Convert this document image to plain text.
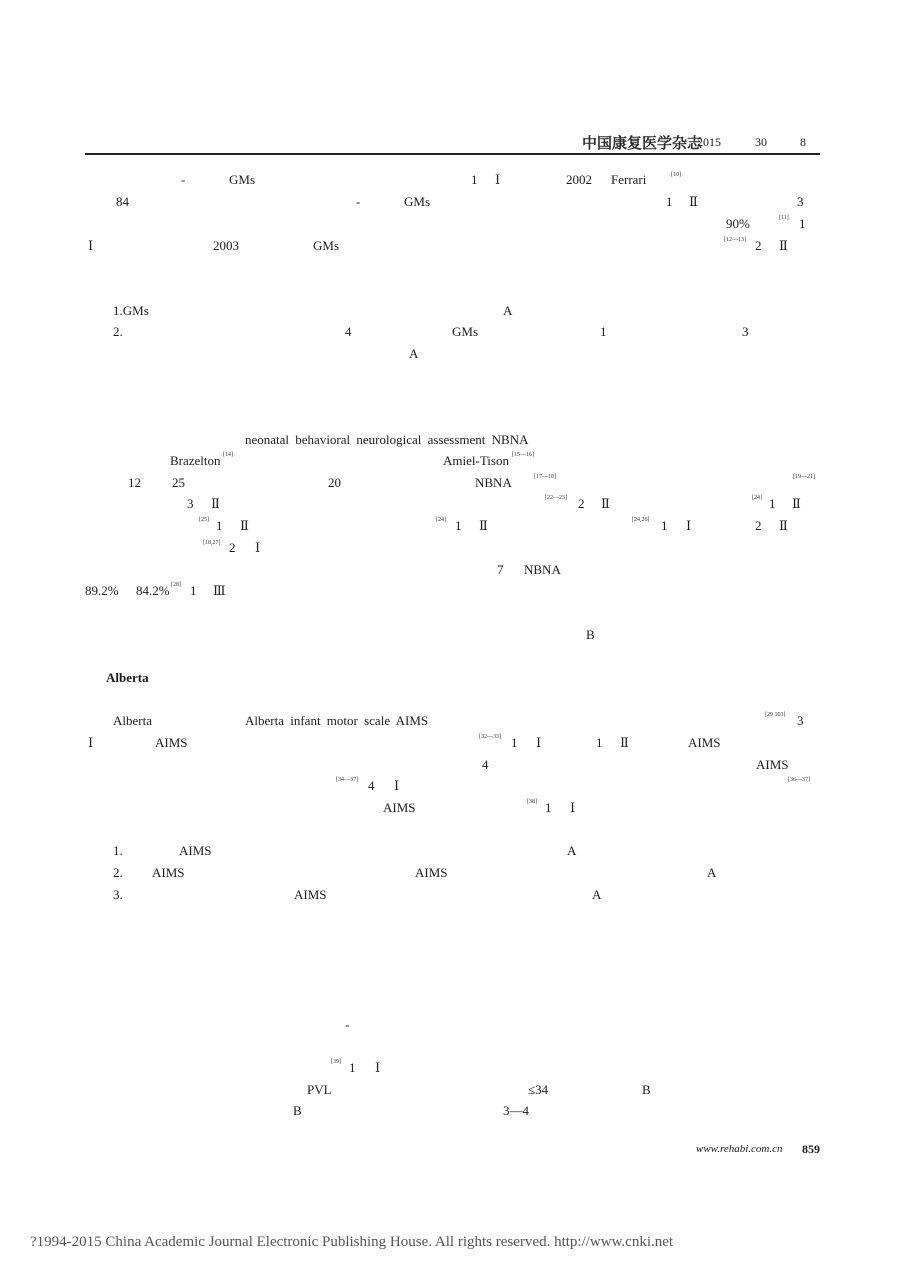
中国康复医学杂志
2015	30	8
-	GMs	1 Ⅰ	2002 Ferrari	[10]
84	-	GMs	1 Ⅱ	3
90%	[11] 1
Ⅰ	2003	GMs	[12—13] 2 Ⅱ
1.GMs	A
2.	4	GMs	1	3
A
neonatal behavioral neurological assessment NBNA
Brazelton [14]	Amiel-Tison [15—16]
12 25	20	NBNA	[17—18]	[19—21]
3 Ⅱ	[22—23] 2 Ⅱ	[24] 1 Ⅱ
[25] 1 Ⅱ	[24] 1 Ⅱ	[24,26] 1 Ⅰ	2 Ⅱ
[18,27] 2 Ⅰ
7 NBNA
89.2% 84.2% [28] 1 Ⅲ
B
Alberta
Alberta	Alberta infant motor scale AIMS	[29 103] 3
Ⅰ	AIMS	[32—33] 1 Ⅰ	1 Ⅱ	AIMS
4	AIMS
[34—37] 4 Ⅰ	[36—37]
AIMS	[38] 1 Ⅰ
1.	AIMS	A
2. AIMS	AIMS	A
3.	AIMS	A
-
[39] 1 Ⅰ
PVL	≤34	B
B	3—4
www.rehabi.com.cn 859
?1994-2015 China Academic Journal Electronic Publishing House. All rights reserved. http://www.cnki.net
